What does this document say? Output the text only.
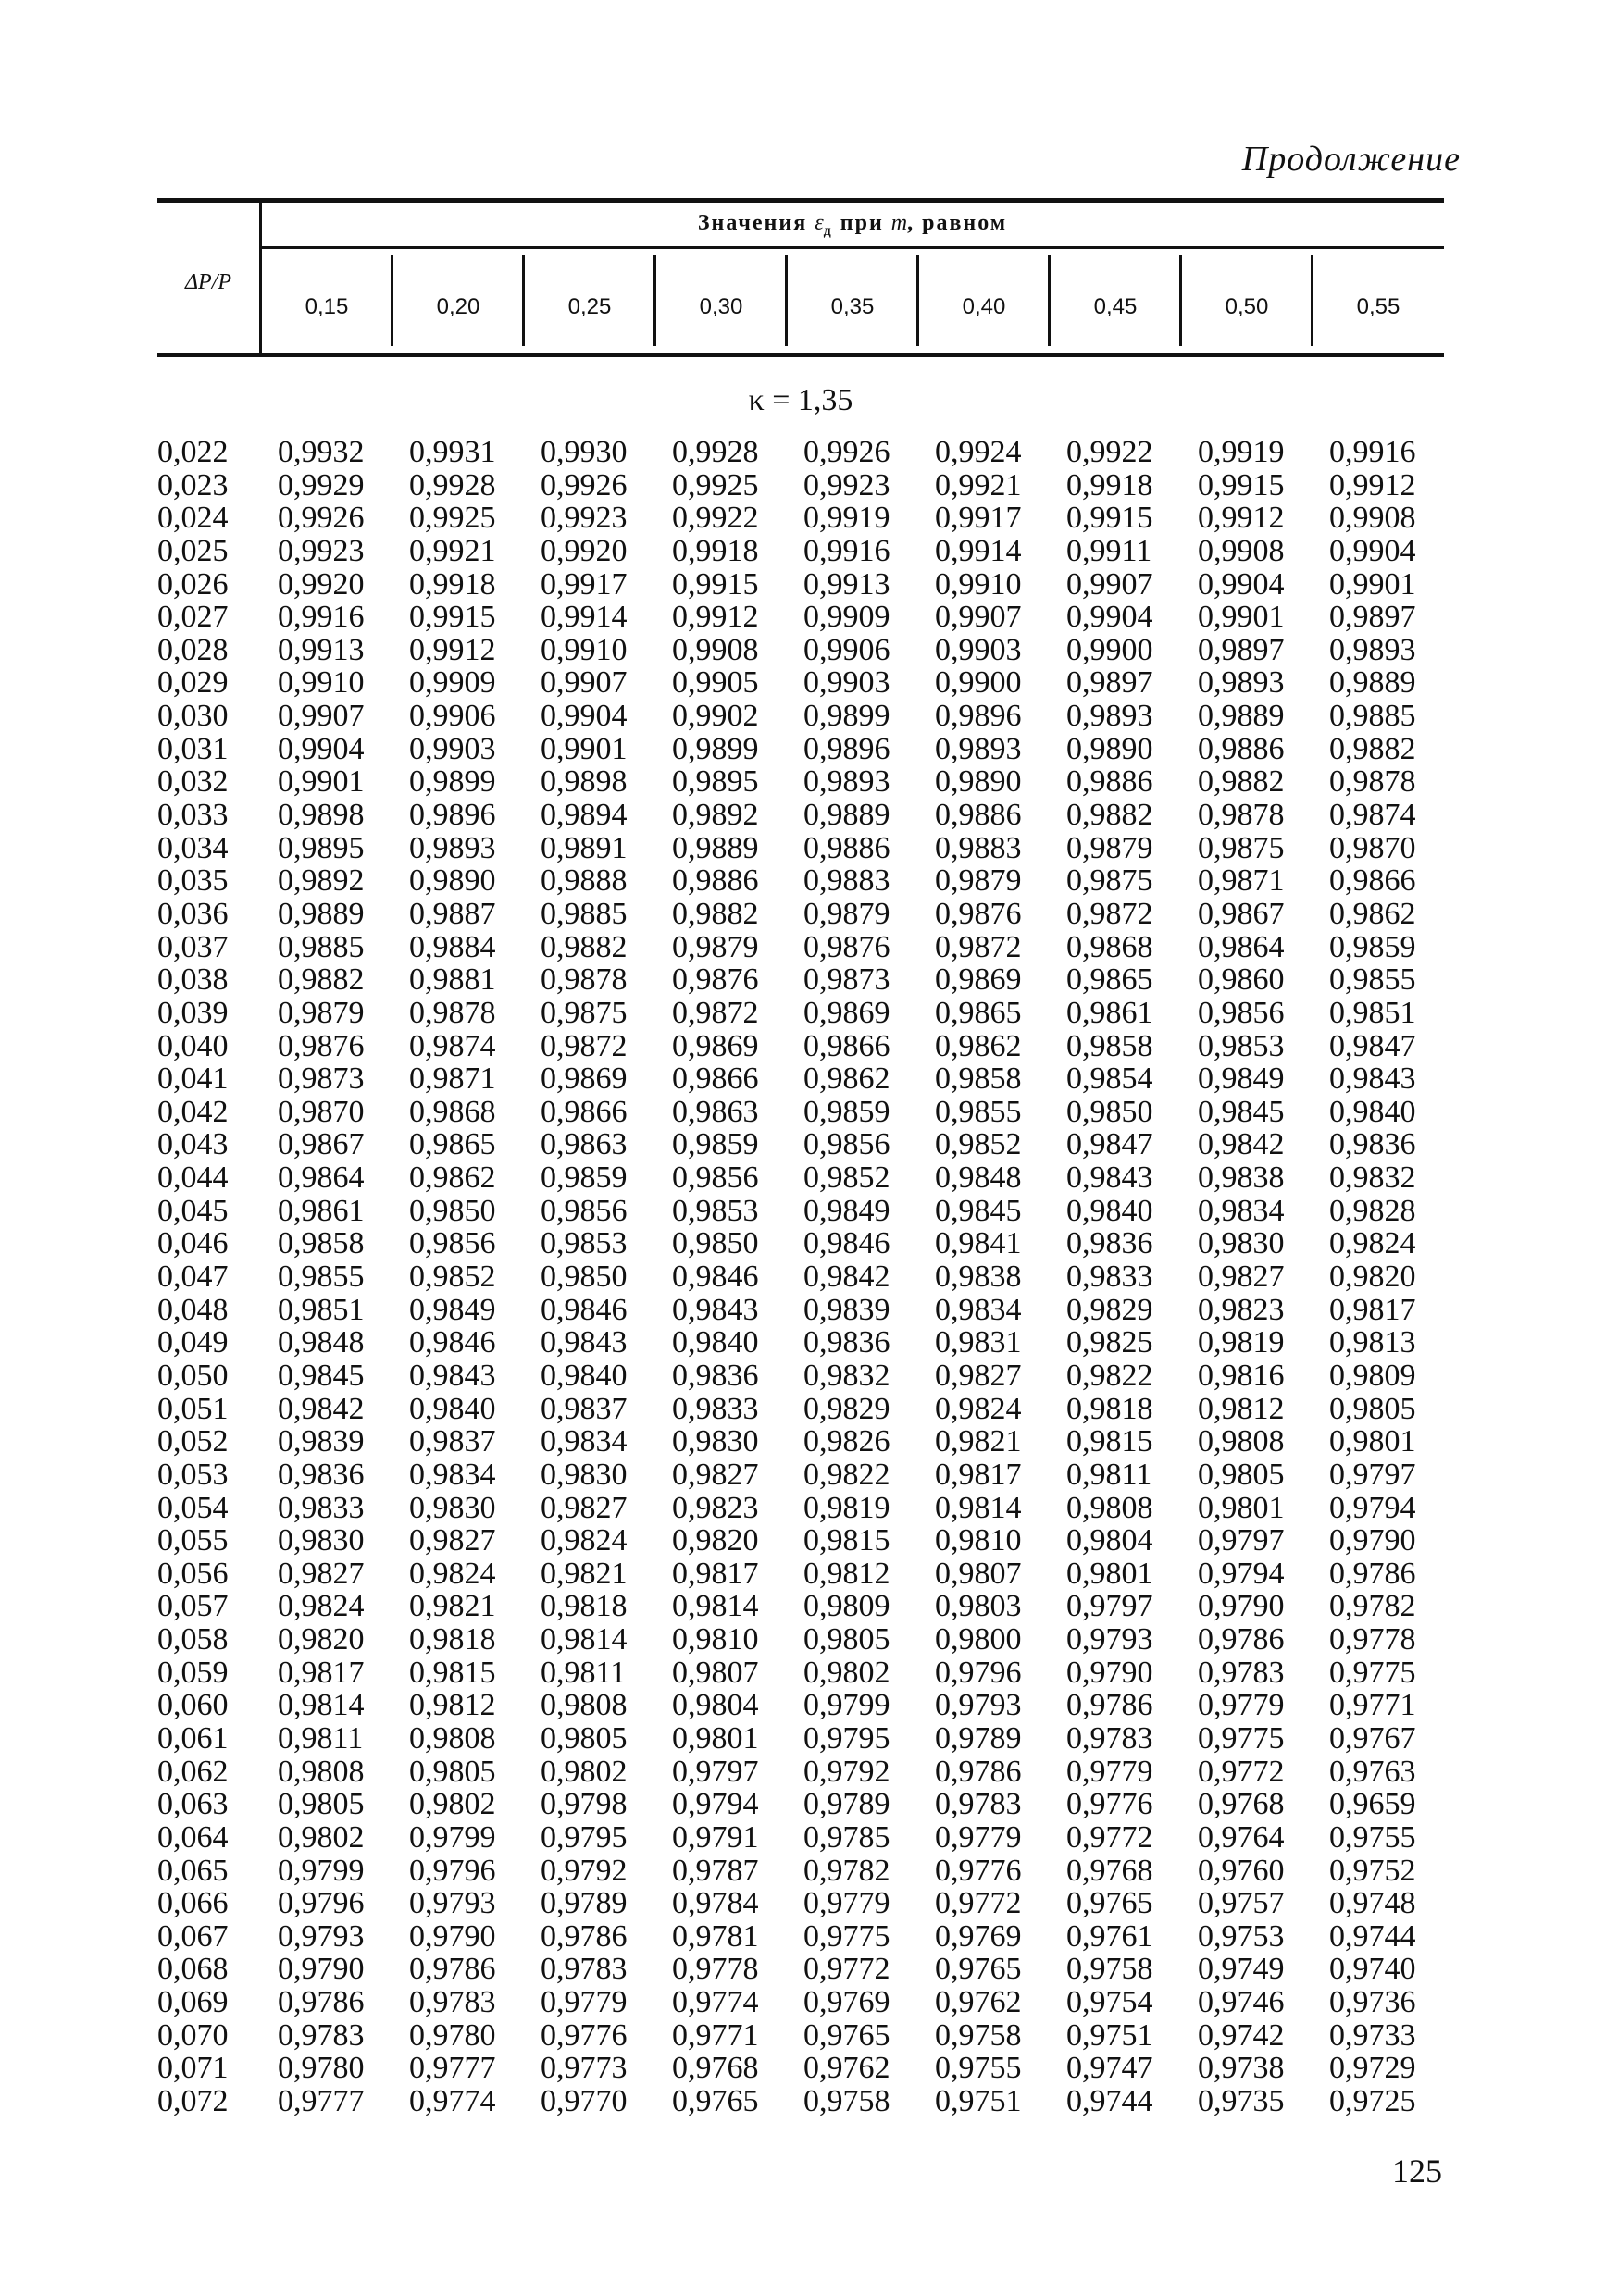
Продолжение
ΔP/P
Значения $\varepsilon_д$ при m, равном
0,15	0,20	0,25	0,30	0,35	0,40	0,45	0,50	0,55
κ = 1,35
0,022 0,9932 0,9931 0,9930 0,9928 0,9926 0,9924 0,9922 0,9919 0,9916
0,023 0,9929 0,9928 0,9926 0,9925 0,9923 0,9921 0,9918 0,9915 0,9912
0,024 0,9926 0,9925 0,9923 0,9922 0,9919 0,9917 0,9915 0,9912 0,9908
0,025 0,9923 0,9921 0,9920 0,9918 0,9916 0,9914 0,9911 0,9908 0,9904
0,026 0,9920 0,9918 0,9917 0,9915 0,9913 0,9910 0,9907 0,9904 0,9901
0,027 0,9916 0,9915 0,9914 0,9912 0,9909 0,9907 0,9904 0,9901 0,9897
0,028 0,9913 0,9912 0,9910 0,9908 0,9906 0,9903 0,9900 0,9897 0,9893
0,029 0,9910 0,9909 0,9907 0,9905 0,9903 0,9900 0,9897 0,9893 0,9889
0,030 0,9907 0,9906 0,9904 0,9902 0,9899 0,9896 0,9893 0,9889 0,9885
0,031 0,9904 0,9903 0,9901 0,9899 0,9896 0,9893 0,9890 0,9886 0,9882
0,032 0,9901 0,9899 0,9898 0,9895 0,9893 0,9890 0,9886 0,9882 0,9878
0,033 0,9898 0,9896 0,9894 0,9892 0,9889 0,9886 0,9882 0,9878 0,9874
0,034 0,9895 0,9893 0,9891 0,9889 0,9886 0,9883 0,9879 0,9875 0,9870
0,035 0,9892 0,9890 0,9888 0,9886 0,9883 0,9879 0,9875 0,9871 0,9866
0,036 0,9889 0,9887 0,9885 0,9882 0,9879 0,9876 0,9872 0,9867 0,9862
0,037 0,9885 0,9884 0,9882 0,9879 0,9876 0,9872 0,9868 0,9864 0,9859
0,038 0,9882 0,9881 0,9878 0,9876 0,9873 0,9869 0,9865 0,9860 0,9855
0,039 0,9879 0,9878 0,9875 0,9872 0,9869 0,9865 0,9861 0,9856 0,9851
0,040 0,9876 0,9874 0,9872 0,9869 0,9866 0,9862 0,9858 0,9853 0,9847
0,041 0,9873 0,9871 0,9869 0,9866 0,9862 0,9858 0,9854 0,9849 0,9843
0,042 0,9870 0,9868 0,9866 0,9863 0,9859 0,9855 0,9850 0,9845 0,9840
0,043 0,9867 0,9865 0,9863 0,9859 0,9856 0,9852 0,9847 0,9842 0,9836
0,044 0,9864 0,9862 0,9859 0,9856 0,9852 0,9848 0,9843 0,9838 0,9832
0,045 0,9861 0,9850 0,9856 0,9853 0,9849 0,9845 0,9840 0,9834 0,9828
0,046 0,9858 0,9856 0,9853 0,9850 0,9846 0,9841 0,9836 0,9830 0,9824
0,047 0,9855 0,9852 0,9850 0,9846 0,9842 0,9838 0,9833 0,9827 0,9820
0,048 0,9851 0,9849 0,9846 0,9843 0,9839 0,9834 0,9829 0,9823 0,9817
0,049 0,9848 0,9846 0,9843 0,9840 0,9836 0,9831 0,9825 0,9819 0,9813
0,050 0,9845 0,9843 0,9840 0,9836 0,9832 0,9827 0,9822 0,9816 0,9809
0,051 0,9842 0,9840 0,9837 0,9833 0,9829 0,9824 0,9818 0,9812 0,9805
0,052 0,9839 0,9837 0,9834 0,9830 0,9826 0,9821 0,9815 0,9808 0,9801
0,053 0,9836 0,9834 0,9830 0,9827 0,9822 0,9817 0,9811 0,9805 0,9797
0,054 0,9833 0,9830 0,9827 0,9823 0,9819 0,9814 0,9808 0,9801 0,9794
0,055 0,9830 0,9827 0,9824 0,9820 0,9815 0,9810 0,9804 0,9797 0,9790
0,056 0,9827 0,9824 0,9821 0,9817 0,9812 0,9807 0,9801 0,9794 0,9786
0,057 0,9824 0,9821 0,9818 0,9814 0,9809 0,9803 0,9797 0,9790 0,9782
0,058 0,9820 0,9818 0,9814 0,9810 0,9805 0,9800 0,9793 0,9786 0,9778
0,059 0,9817 0,9815 0,9811 0,9807 0,9802 0,9796 0,9790 0,9783 0,9775
0,060 0,9814 0,9812 0,9808 0,9804 0,9799 0,9793 0,9786 0,9779 0,9771
0,061 0,9811 0,9808 0,9805 0,9801 0,9795 0,9789 0,9783 0,9775 0,9767
0,062 0,9808 0,9805 0,9802 0,9797 0,9792 0,9786 0,9779 0,9772 0,9763
0,063 0,9805 0,9802 0,9798 0,9794 0,9789 0,9783 0,9776 0,9768 0,9659
0,064 0,9802 0,9799 0,9795 0,9791 0,9785 0,9779 0,9772 0,9764 0,9755
0,065 0,9799 0,9796 0,9792 0,9787 0,9782 0,9776 0,9768 0,9760 0,9752
0,066 0,9796 0,9793 0,9789 0,9784 0,9779 0,9772 0,9765 0,9757 0,9748
0,067 0,9793 0,9790 0,9786 0,9781 0,9775 0,9769 0,9761 0,9753 0,9744
0,068 0,9790 0,9786 0,9783 0,9778 0,9772 0,9765 0,9758 0,9749 0,9740
0,069 0,9786 0,9783 0,9779 0,9774 0,9769 0,9762 0,9754 0,9746 0,9736
0,070 0,9783 0,9780 0,9776 0,9771 0,9765 0,9758 0,9751 0,9742 0,9733
0,071 0,9780 0,9777 0,9773 0,9768 0,9762 0,9755 0,9747 0,9738 0,9729
0,072 0,9777 0,9774 0,9770 0,9765 0,9758 0,9751 0,9744 0,9735 0,9725
125
